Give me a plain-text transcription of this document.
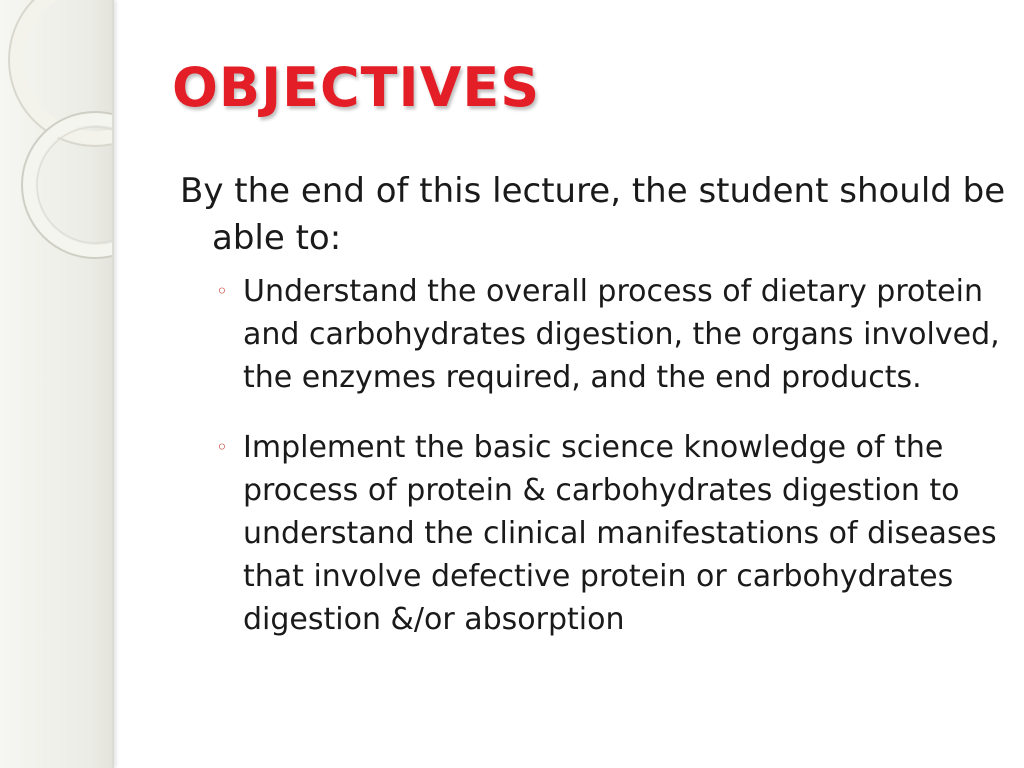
OBJECTIVES

By the end of this lecture, the student should be able to:

◦ Understand the overall process of dietary protein and carbohydrates digestion, the organs involved, the enzymes required, and the end products.
◦ Implement the basic science knowledge of the process of protein & carbohydrates digestion to understand the clinical manifestations of diseases that involve defective protein or carbohydrates digestion &/or absorption
